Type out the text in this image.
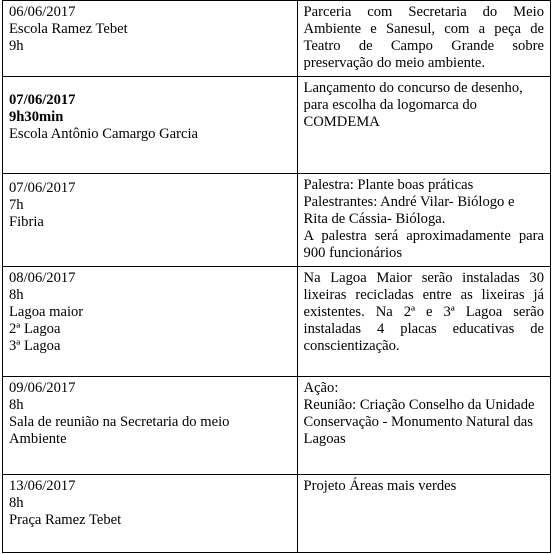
06/06/2017
Escola Ramez Tebet
9h	Parceria com Secretaria do Meio Ambiente e Sanesul, com a peça de Teatro de Campo Grande sobre preservação do meio ambiente.

07/06/2017
9h30min
Escola Antônio Camargo Garcia	Lançamento do concurso de desenho, para escolha da logomarca do COMDEMA

07/06/2017
7h
Fibria	Palestra: Plante boas práticas
Palestrantes: André Vilar- Biólogo e
Rita de Cássia- Bióloga.
A palestra será aproximadamente para 900 funcionários

08/06/2017
8h
Lagoa maior
2ª Lagoa
3ª Lagoa	Na Lagoa Maior serão instaladas 30 lixeiras recicladas entre as lixeiras já existentes. Na 2ª e 3ª Lagoa serão instaladas 4 placas educativas de conscientização.

09/06/2017
8h
Sala de reunião na Secretaria do meio
Ambiente	Ação:
Reunião: Criação Conselho da Unidade Conservação - Monumento Natural das Lagoas

13/06/2017
8h
Praça Ramez Tebet	Projeto Áreas mais verdes
